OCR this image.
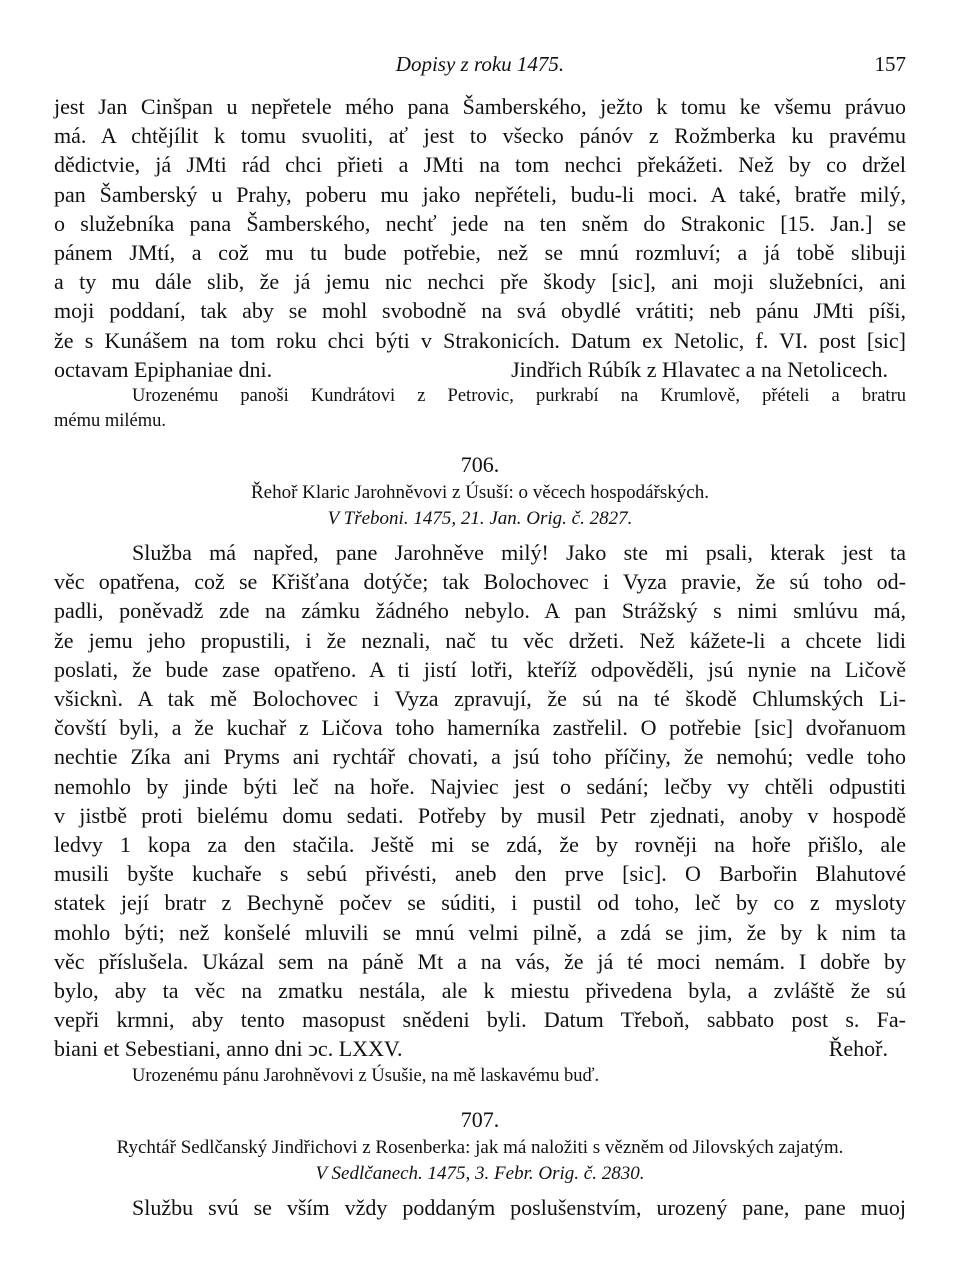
Dopisy z roku 1475.	157

jest Jan Cinšpan u nepřetele mého pana Šamberského, ježto k tomu ke všemu právuo

má. A chtějílit k tomu svuoliti, ať jest to všecko pánóv z Rožmberka ku pravému

dědictvie, já JMti rád chci přieti a JMti na tom nechci překážeti. Než by co držel

pan Šamberský u Prahy, poberu mu jako nepřételi, budu-li moci. A také, bratře milý,

o služebníka pana Šamberského, nechť jede na ten sněm do Strakonic [15. Jan.] se

pánem JMtí, a což mu tu bude potřebie, než se mnú rozmluví; a já tobě slibuji

a ty mu dále slib, že já jemu nic nechci pře škody [sic], ani moji služebníci, ani

moji poddaní, tak aby se mohl svobodně na svá obydlé vrátiti; neb pánu JMti píši,

že s Kunášem na tom roku chci býti v Strakonicích. Datum ex Netolic, f. VI. post [sic]

octavam Epiphaniae dni.	Jindřich Rúbík z Hlavatec a na Netolicech.

Urozenému panoši Kundrátovi z Petrovic, purkrabí na Krumlově, přételi a bratru

mému milému.

706.

Řehoř Klaric Jarohněvovi z Úsuší: o věcech hospodářských.

V Třeboni. 1475, 21. Jan. Orig. č. 2827.

Služba má napřed, pane Jarohněve milý! Jako ste mi psali, kterak jest ta

věc opatřena, což se Křišťana dotýče; tak Bolochovec i Vyza pravie, že sú toho od-

padli, poněvadž zde na zámku žádného nebylo. A pan Strážský s nimi smlúvu má,

že jemu jeho propustili, i že neznali, nač tu věc držeti. Než kážete-li a chcete lidi

poslati, že bude zase opatřeno. A ti jistí lotři, kteříž odpověděli, jsú nynie na Ličově

všicknì. A tak mě Bolochovec i Vyza zpravují, že sú na té škodě Chlumských Li-

čovští byli, a že kuchař z Ličova toho hamerníka zastřelil. O potřebie [sic] dvořanuom

nechtie Zíka ani Pryms ani rychtář chovati, a jsú toho příčiny, že nemohú; vedle toho

nemohlo by jinde býti leč na hoře. Najviec jest o sedání; lečby vy chtěli odpustiti

v jistbě proti bielému domu sedati. Potřeby by musil Petr zjednati, anoby v hospodě

ledvy 1 kopa za den stačila. Ještě mi se zdá, že by rovněji na hoře přišlo, ale

musili byšte kuchaře s sebú přivésti, aneb den prve [sic]. O Barbořin Blahutové

statek její bratr z Bechyně počev se súditi, i pustil od toho, leč by co z mysloty

mohlo býti; než konšelé mluvili se mnú velmi pilně, a zdá se jim, že by k nim ta

věc příslušela. Ukázal sem na páně Mt a na vás, že já té moci nemám. I dobře by

bylo, aby ta věc na zmatku nestála, ale k miestu přivedena byla, a zvláště že sú

vepři krmni, aby tento masopust snědeni byli. Datum Třeboň, sabbato post s. Fa-

biani et Sebestiani, anno dni ↄc. LXXV.	Řehoř.

Urozenému pánu Jarohněvovi z Úsušie, na mě laskavému buď.

707.

Rychtář Sedlčanský Jindřichovi z Rosenberka: jak má naložiti s vězněm od Jilovských zajatým.

V Sedlčanech. 1475, 3. Febr. Orig. č. 2830.

Službu svú se vším vždy poddaným poslušenstvím, urozený pane, pane muoj
